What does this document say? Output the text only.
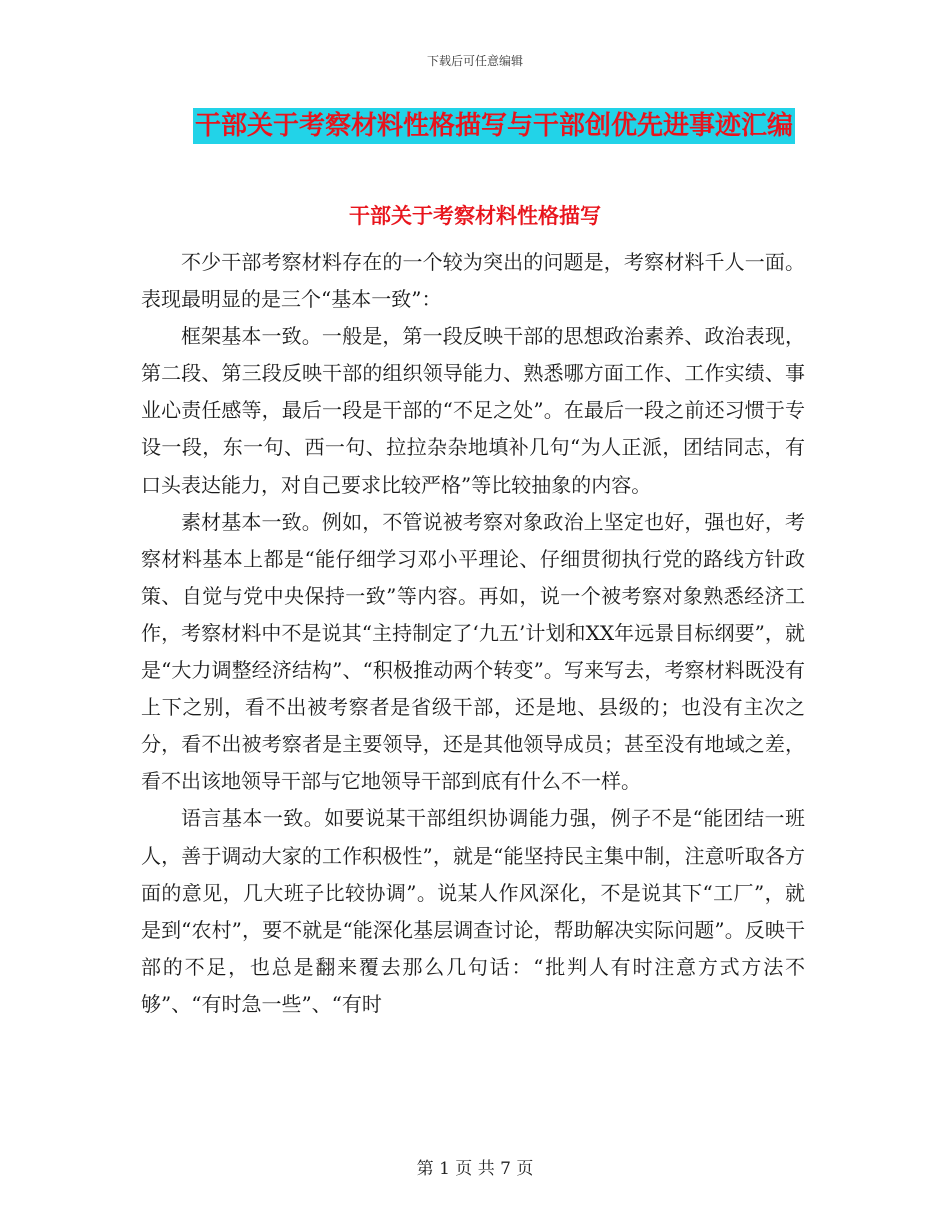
下载后可任意编辑
干部关于考察材料性格描写与干部创优先进事迹汇编
干部关于考察材料性格描写

不少干部考察材料存在的一个较为突出的问题是，考察材料千人一面。表现最明显的是三个“基本一致”：

框架基本一致。一般是，第一段反映干部的思想政治素养、政治表现，第二段、第三段反映干部的组织领导能力、熟悉哪方面工作、工作实绩、事业心责任感等，最后一段是干部的“不足之处”。在最后一段之前还习惯于专设一段，东一句、西一句、拉拉杂杂地填补几句“为人正派，团结同志，有口头表达能力，对自己要求比较严格”等比较抽象的内容。

素材基本一致。例如，不管说被考察对象政治上坚定也好，强也好，考察材料基本上都是“能仔细学习邓小平理论、仔细贯彻执行党的路线方针政策、自觉与党中央保持一致”等内容。再如，说一个被考察对象熟悉经济工作，考察材料中不是说其“主持制定了‘九五’计划和XX年远景目标纲要”，就是“大力调整经济结构”、“积极推动两个转变”。写来写去，考察材料既没有上下之别，看不出被考察者是省级干部，还是地、县级的；也没有主次之分，看不出被考察者是主要领导，还是其他领导成员；甚至没有地域之差，看不出该地领导干部与它地领导干部到底有什么不一样。

语言基本一致。如要说某干部组织协调能力强，例子不是“能团结一班人，善于调动大家的工作积极性”，就是“能坚持民主集中制，注意听取各方面的意见，几大班子比较协调”。说某人作风深化，不是说其下“工厂”，就是到“农村”，要不就是“能深化基层调查讨论，帮助解决实际问题”。反映干部的不足，也总是翻来覆去那么几句话：“批判人有时注意方式方法不够”、“有时急一些”、“有时

第 1 页 共 7 页
